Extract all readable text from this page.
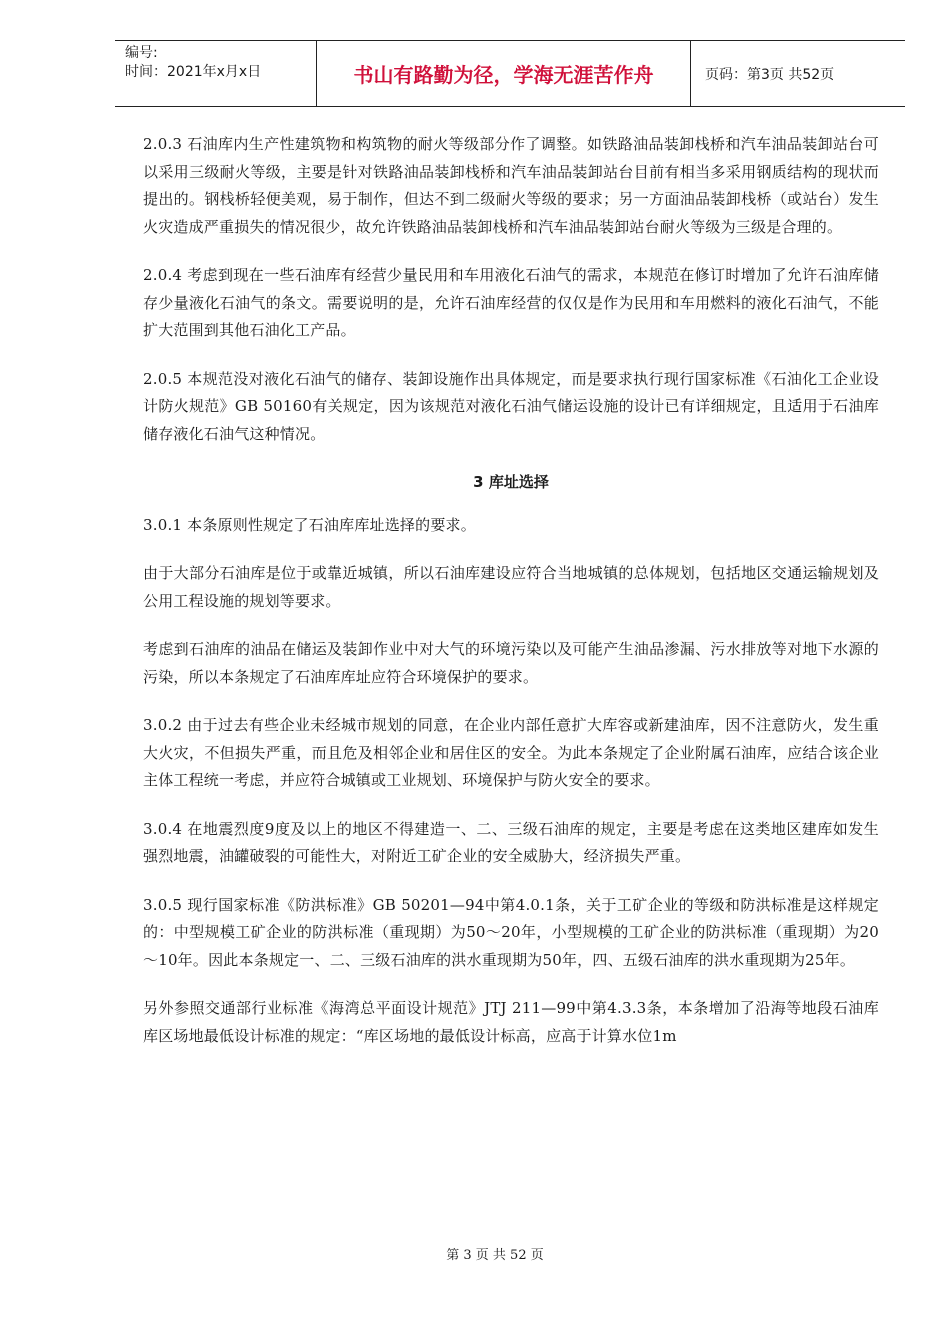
编号:
时间：2021年x月x日	书山有路勤为径，学海无涯苦作舟	页码：第3页 共52页

2.0.3 石油库内生产性建筑物和构筑物的耐火等级部分作了调整。如铁路油品装卸栈桥和汽车油品装卸站台可以采用三级耐火等级，主要是针对铁路油品装卸栈桥和汽车油品装卸站台目前有相当多采用钢质结构的现状而提出的。钢栈桥轻便美观，易于制作，但达不到二级耐火等级的要求；另一方面油品装卸栈桥（或站台）发生火灾造成严重损失的情况很少，故允许铁路油品装卸栈桥和汽车油品装卸站台耐火等级为三级是合理的。

2.0.4 考虑到现在一些石油库有经营少量民用和车用液化石油气的需求，本规范在修订时增加了允许石油库储存少量液化石油气的条文。需要说明的是，允许石油库经营的仅仅是作为民用和车用燃料的液化石油气，不能扩大范围到其他石油化工产品。

2.0.5 本规范没对液化石油气的储存、装卸设施作出具体规定，而是要求执行现行国家标准《石油化工企业设计防火规范》GB 50160有关规定，因为该规范对液化石油气储运设施的设计已有详细规定，且适用于石油库储存液化石油气这种情况。

3 库址选择

3.0.1 本条原则性规定了石油库库址选择的要求。

由于大部分石油库是位于或靠近城镇，所以石油库建设应符合当地城镇的总体规划，包括地区交通运输规划及公用工程设施的规划等要求。

考虑到石油库的油品在储运及装卸作业中对大气的环境污染以及可能产生油品渗漏、污水排放等对地下水源的污染，所以本条规定了石油库库址应符合环境保护的要求。

3.0.2 由于过去有些企业未经城市规划的同意，在企业内部任意扩大库容或新建油库，因不注意防火，发生重大火灾，不但损失严重，而且危及相邻企业和居住区的安全。为此本条规定了企业附属石油库，应结合该企业主体工程统一考虑，并应符合城镇或工业规划、环境保护与防火安全的要求。

3.0.4 在地震烈度9度及以上的地区不得建造一、二、三级石油库的规定，主要是考虑在这类地区建库如发生强烈地震，油罐破裂的可能性大，对附近工矿企业的安全威胁大，经济损失严重。

3.0.5 现行国家标准《防洪标准》GB 50201—94中第4.0.1条，关于工矿企业的等级和防洪标准是这样规定的：中型规模工矿企业的防洪标准（重现期）为50～20年，小型规模的工矿企业的防洪标准（重现期）为20～10年。因此本条规定一、二、三级石油库的洪水重现期为50年，四、五级石油库的洪水重现期为25年。

另外参照交通部行业标准《海湾总平面设计规范》JTJ 211—99中第4.3.3条，本条增加了沿海等地段石油库库区场地最低设计标准的规定：“库区场地的最低设计标高，应高于计算水位1m

第 3 页 共 52 页
